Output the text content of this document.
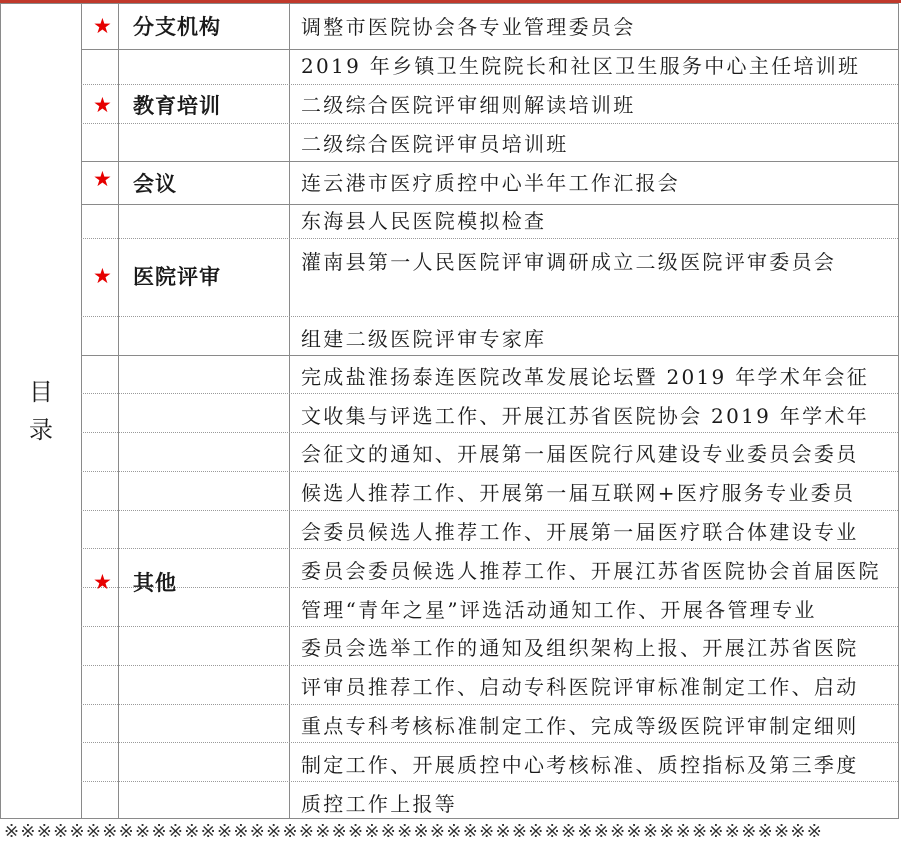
目录
★ 分支机构	调整市医院协会各专业管理委员会
★ 教育培训
2019 年乡镇卫生院院长和社区卫生服务中心主任培训班
二级综合医院评审细则解读培训班
二级综合医院评审员培训班
★ 会议	连云港市医疗质控中心半年工作汇报会
★ 医院评审
东海县人民医院模拟检查
灌南县第一人民医院评审调研成立二级医院评审委员会
组建二级医院评审专家库
★ 其他
完成盐淮扬泰连医院改革发展论坛暨 2019 年学术年会征
文收集与评选工作、开展江苏省医院协会 2019 年学术年
会征文的通知、开展第一届医院行风建设专业委员会委员
候选人推荐工作、开展第一届互联网+医疗服务专业委员
会委员候选人推荐工作、开展第一届医疗联合体建设专业
委员会委员候选人推荐工作、开展江苏省医院协会首届医院
管理“青年之星”评选活动通知工作、开展各管理专业
委员会选举工作的通知及组织架构上报、开展江苏省医院
评审员推荐工作、启动专科医院评审标准制定工作、启动
重点专科考核标准制定工作、完成等级医院评审制定细则
制定工作、开展质控中心考核标准、质控指标及第三季度
质控工作上报等
※※※※※※※※※※※※※※※※※※※※※※※※※※※※※※※※※※※※※※※※※※※※※※※※※※
